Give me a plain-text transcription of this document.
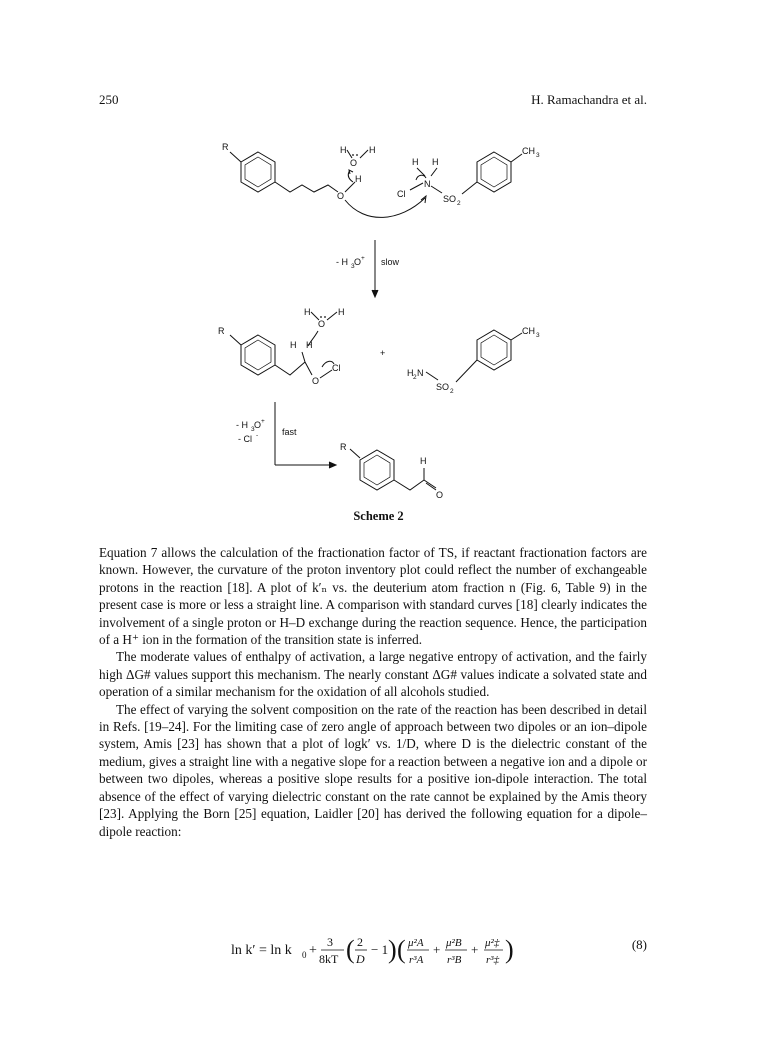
250	H. Ramachandra et al.
R
O
H
H
O
H
H H
N
Cl	SO 2
CH 3
- H 3 O + slow
R
O
Cl
H H
H
O
H
+
H 2 N
SO 2
CH 3
- H 3 O +
- Cl -	fast
R
H
O
Scheme 2

Equation 7 allows the calculation of the fractionation factor of TS, if reactant fractionation factors are known. However, the curvature of the proton inventory plot could reflect the number of exchangeable protons in the reaction [18]. A plot of k′ₙ vs. the deuterium atom fraction n (Fig. 6, Table 9) in the present case is more or less a straight line. A comparison with standard curves [18] clearly indicates the involvement of a single proton or H–D exchange during the reaction sequence. Hence, the participation of a H⁺ ion in the formation of the transition state is inferred.

The moderate values of enthalpy of activation, a large negative entropy of activation, and the fairly high ΔG# values support this mechanism. The nearly constant ΔG# values indicate a solvated state and operation of a similar mechanism for the oxidation of all alcohols studied.

The effect of varying the solvent composition on the rate of the reaction has been described in detail in Refs. [19–24]. For the limiting case of zero angle of approach between two dipoles or an ion–dipole system, Amis [23] has shown that a plot of logk′ vs. 1/D, where D is the dielectric constant of the medium, gives a straight line with a negative slope for a reaction between a negative ion and a dipole or between two dipoles, whereas a positive slope results for a positive ion-dipole interaction. The total absence of the effect of varying dielectric constant on the rate cannot be explained by the Amis theory [23]. Applying the Born [25] equation, Laidler [20] has derived the following equation for a dipole–dipole reaction:

ln k′ = ln k 0 +
3
8kT ( 2
D
− 1 ) ( μ²A
r³A
+ μ²B
r³B
+ μ²‡
r³‡ )	(8)
